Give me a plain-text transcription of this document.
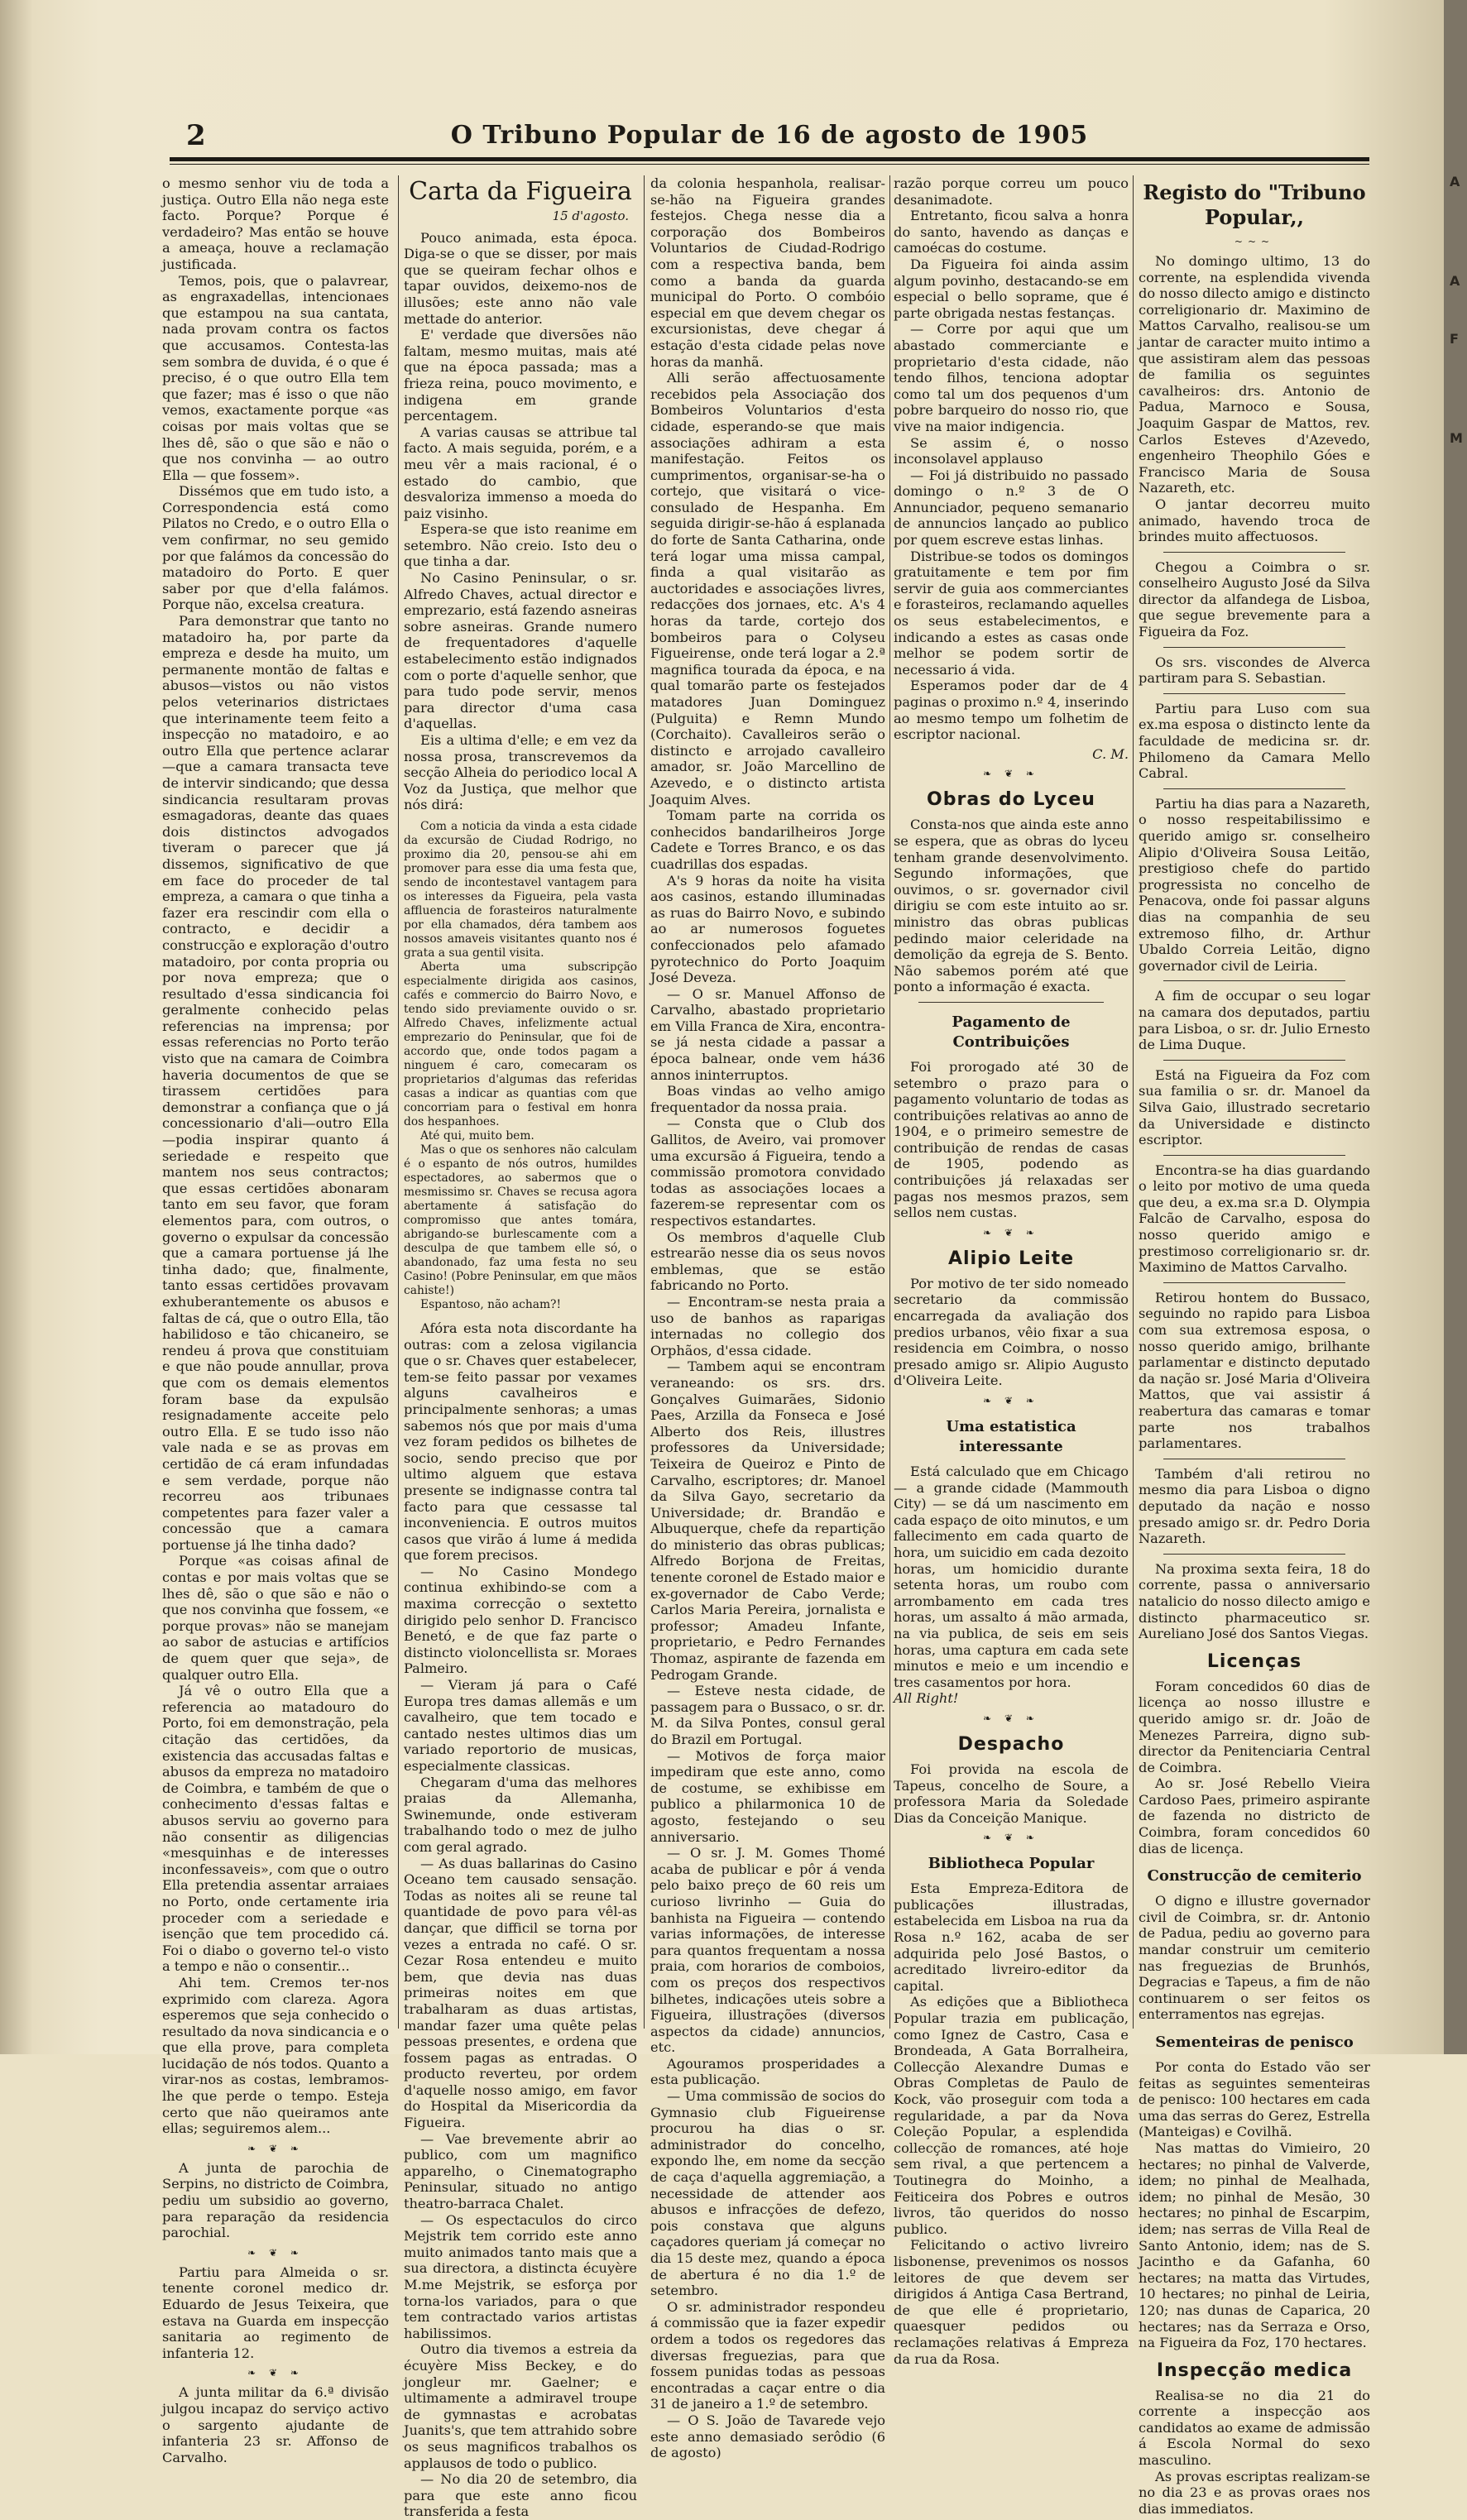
2	O Tribuno Popular de 16 de agosto de 1905

o mesmo senhor viu de toda a justiça. Outro Ella não nega este facto. Porque? Porque é verdadeiro? Mas então se houve a ameaça, houve a reclamação justificada.

Temos, pois, que o palavrear, as engraxadellas, intencionaes que estampou na sua cantata, nada provam contra os factos que accusamos. Contesta-las sem sombra de duvida, é o que é preciso, é o que outro Ella tem que fazer; mas é isso o que não vemos, exactamente porque «as coisas por mais voltas que se lhes dê, são o que são e não o que nos convinha — ao outro Ella — que fossem».

Dissémos que em tudo isto, a Correspondencia está como Pilatos no Credo, e o outro Ella o vem confirmar, no seu gemido por que falámos da concessão do matadoiro do Porto. E quer saber por que d'ella falámos. Porque não, excelsa creatura.

Para demonstrar que tanto no matadoiro ha, por parte da empreza e desde ha muito, um permanente montão de faltas e abusos—vistos ou não vistos pelos veterinarios districtaes que interinamente teem feito a inspecção no matadoiro, e ao outro Ella que pertence aclarar—que a camara transacta teve de intervir sindicando; que dessa sindicancia resultaram provas esmagadoras, deante das quaes dois distinctos advogados tiveram o parecer que já dissemos, significativo de que em face do proceder de tal empreza, a camara o que tinha a fazer era rescindir com ella o contracto, e decidir a construcção e exploração d'outro matadoiro, por conta propria ou por nova empreza; que o resultado d'essa sindicancia foi geralmente conhecido pelas referencias na imprensa; por essas referencias no Porto terão visto que na camara de Coimbra haveria documentos de que se tirassem certidões para demonstrar a confiança que o já concessionario d'ali—outro Ella—podia inspirar quanto á seriedade e respeito que mantem nos seus contractos; que essas certidões abonaram tanto em seu favor, que foram elementos para, com outros, o governo o expulsar da concessão que a camara portuense já lhe tinha dado; que, finalmente, tanto essas certidões provavam exhuberantemente os abusos e faltas de cá, que o outro Ella, tão habilidoso e tão chicaneiro, se rendeu á prova que constituiam e que não poude annullar, prova que com os demais elementos foram base da expulsão resignadamente acceite pelo outro Ella. E se tudo isso não vale nada e se as provas em certidão de cá eram infundadas e sem verdade, porque não recorreu aos tribunaes competentes para fazer valer a concessão que a camara portuense já lhe tinha dado?

Porque «as coisas afinal de contas e por mais voltas que se lhes dê, são o que são e não o que nos convinha que fossem, «e porque provas» não se manejam ao sabor de astucias e artifícios de quem quer que seja», de qualquer outro Ella.

Já vê o outro Ella que a referencia ao matadouro do Porto, foi em demonstração, pela citação das certidões, da existencia das accusadas faltas e abusos da empreza no matadoiro de Coimbra, e também de que o conhecimento d'essas faltas e abusos serviu ao governo para não consentir as diligencias «mesquinhas e de interesses inconfessaveis», com que o outro Ella pretendia assentar arraiaes no Porto, onde certamente iria proceder com a seriedade e isenção que tem procedido cá. Foi o diabo o governo tel-o visto a tempo e não o consentir...

Ahi tem. Cremos ter-nos exprimido com clareza. Agora esperemos que seja conhecido o resultado da nova sindicancia e o que ella prove, para completa lucidação de nós todos. Quanto a virar-nos as costas, lembramos-lhe que perde o tempo. Esteja certo que não queiramos ante ellas; seguiremos alem...

❧ ❦ ❧

A junta de parochia de Serpins, no districto de Coimbra, pediu um subsidio ao governo, para reparação da residencia parochial.

❧ ❦ ❧

Partiu para Almeida o sr. tenente coronel medico dr. Eduardo de Jesus Teixeira, que estava na Guarda em inspecção sanitaria ao regimento de infanteria 12.

❧ ❦ ❧

A junta militar da 6.ª divisão julgou incapaz do serviço activo o sargento ajudante de infanteria 23 sr. Affonso de Carvalho.

Carta da Figueira
15 d'agosto.

Pouco animada, esta época. Diga-se o que se disser, por mais que se queiram fechar olhos e tapar ouvidos, deixemo-nos de illusões; este anno não vale mettade do anterior.

E' verdade que diversões não faltam, mesmo muitas, mais até que na época passada; mas a frieza reina, pouco movimento, e indigena em grande percentagem.

A varias causas se attribue tal facto. A mais seguida, porém, e a meu vêr a mais racional, é o estado do cambio, que desvaloriza immenso a moeda do paiz visinho.

Espera-se que isto reanime em setembro. Não creio. Isto deu o que tinha a dar.

No Casino Peninsular, o sr. Alfredo Chaves, actual director e emprezario, está fazendo asneiras sobre asneiras. Grande numero de frequentadores d'aquelle estabelecimento estão indignados com o porte d'aquelle senhor, que para tudo pode servir, menos para director d'uma casa d'aquellas.

Eis a ultima d'elle; e em vez da nossa prosa, transcrevemos da secção Alheia do periodico local A Voz da Justiça, que melhor que nós dirá:

Com a noticia da vinda a esta cidade da excursão de Ciudad Rodrigo, no proximo dia 20, pensou-se ahi em promover para esse dia uma festa que, sendo de incontestavel vantagem para os interesses da Figueira, pela vasta affluencia de forasteiros naturalmente por ella chamados, déra tambem aos nossos amaveis visitantes quanto nos é grata a sua gentil visita.

Aberta uma subscripção especialmente dirigida aos casinos, cafés e commercio do Bairro Novo, e tendo sido previamente ouvido o sr. Alfredo Chaves, infelizmente actual emprezario do Peninsular, que foi de accordo que, onde todos pagam a ninguem é caro, comecaram os proprietarios d'algumas das referidas casas a indicar as quantias com que concorriam para o festival em honra dos hespanhoes.

Até qui, muito bem.

Mas o que os senhores não calculam é o espanto de nós outros, humildes espectadores, ao sabermos que o mesmissimo sr. Chaves se recusa agora abertamente á satisfação do compromisso que antes tomára, abrigando-se burlescamente com a desculpa de que tambem elle só, o abandonado, faz uma festa no seu Casino! (Pobre Peninsular, em que mãos cahiste!)

Espantoso, não acham?!

Afóra esta nota discordante ha outras: com a zelosa vigilancia que o sr. Chaves quer estabelecer, tem-se feito passar por vexames alguns cavalheiros e principalmente senhoras; a umas sabemos nós que por mais d'uma vez foram pedidos os bilhetes de socio, sendo preciso que por ultimo alguem que estava presente se indignasse contra tal facto para que cessasse tal inconveniencia. E outros muitos casos que virão á lume á medida que forem precisos.

— No Casino Mondego continua exhibindo-se com a maxima correcção o sextetto dirigido pelo senhor D. Francisco Benetó, e de que faz parte o distincto violoncellista sr. Moraes Palmeiro.

— Vieram já para o Café Europa tres damas allemãs e um cavalheiro, que tem tocado e cantado nestes ultimos dias um variado reportorio de musicas, especialmente classicas.

Chegaram d'uma das melhores praias da Allemanha, Swinemunde, onde estiveram trabalhando todo o mez de julho com geral agrado.

— As duas ballarinas do Casino Oceano tem causado sensação. Todas as noites ali se reune tal quantidade de povo para vêl-as dançar, que difficil se torna por vezes a entrada no café. O sr. Cezar Rosa entendeu e muito bem, que devia nas duas primeiras noites em que trabalharam as duas artistas, mandar fazer uma quête pelas pessoas presentes, e ordena que fossem pagas as entradas. O producto reverteu, por ordem d'aquelle nosso amigo, em favor do Hospital da Misericordia da Figueira.

— Vae brevemente abrir ao publico, com um magnifico apparelho, o Cinematographo Peninsular, situado no antigo theatro-barraca Chalet.

— Os espectaculos do circo Mejstrik tem corrido este anno muito animados tanto mais que a sua directora, a distincta écuyère M.me Mejstrik, se esforça por torna-los variados, para o que tem contractado varios artistas habilissimos.

Outro dia tivemos a estreia da écuyère Miss Beckey, e do jongleur mr. Gaelner; e ultimamente a admiravel troupe de gymnastas e acrobatas Juanits's, que tem attrahido sobre os seus magnificos trabalhos os applausos de todo o publico.

— No dia 20 de setembro, dia para que este anno ficou transferida a festa

da colonia hespanhola, realisar-se-hão na Figueira grandes festejos. Chega nesse dia a corporação dos Bombeiros Voluntarios de Ciudad-Rodrigo com a respectiva banda, bem como a banda da guarda municipal do Porto. O combóio especial em que devem chegar os excursionistas, deve chegar á estação d'esta cidade pelas nove horas da manhã.

Alli serão affectuosamente recebidos pela Associação dos Bombeiros Voluntarios d'esta cidade, esperando-se que mais associações adhiram a esta manifestação. Feitos os cumprimentos, organisar-se-ha o cortejo, que visitará o vice-consulado de Hespanha. Em seguida dirigir-se-hão á esplanada do forte de Santa Catharina, onde terá logar uma missa campal, finda a qual visitarão as auctoridades e associações livres, redacções dos jornaes, etc. A's 4 horas da tarde, cortejo dos bombeiros para o Colyseu Figueirense, onde terá logar a 2.ª magnifica tourada da época, e na qual tomarão parte os festejados matadores Juan Dominguez (Pulguita) e Remn Mundo (Corchaito). Cavalleiros serão o distincto e arrojado cavalleiro amador, sr. João Marcellino de Azevedo, e o distincto artista Joaquim Alves.

Tomam parte na corrida os conhecidos bandarilheiros Jorge Cadete e Torres Branco, e os das cuadrillas dos espadas.

A's 9 horas da noite ha visita aos casinos, estando illuminadas as ruas do Bairro Novo, e subindo ao ar numerosos foguetes confeccionados pelo afamado pyrotechnico do Porto Joaquim José Deveza.

— O sr. Manuel Affonso de Carvalho, abastado proprietario em Villa Franca de Xira, encontra-se já nesta cidade a passar a época balnear, onde vem há36 annos ininterruptos.

Boas vindas ao velho amigo frequentador da nossa praia.

— Consta que o Club dos Gallitos, de Aveiro, vai promover uma excursão á Figueira, tendo a commissão promotora convidado todas as associações locaes a fazerem-se representar com os respectivos estandartes.

Os membros d'aquelle Club estrearão nesse dia os seus novos emblemas, que se estão fabricando no Porto.

— Encontram-se nesta praia a uso de banhos as raparigas internadas no collegio dos Orphãos, d'essa cidade.

— Tambem aqui se encontram veraneando: os srs. drs. Gonçalves Guimarães, Sidonio Paes, Arzilla da Fonseca e José Alberto dos Reis, illustres professores da Universidade; Teixeira de Queiroz e Pinto de Carvalho, escriptores; dr. Manoel da Silva Gayo, secretario da Universidade; dr. Brandão e Albuquerque, chefe da repartição do ministerio das obras publicas; Alfredo Borjona de Freitas, tenente coronel de Estado maior e ex-governador de Cabo Verde; Carlos Maria Pereira, jornalista e professor; Amadeu Infante, proprietario, e Pedro Fernandes Thomaz, aspirante de fazenda em Pedrogam Grande.

— Esteve nesta cidade, de passagem para o Bussaco, o sr. dr. M. da Silva Pontes, consul geral do Brazil em Portugal.

— Motivos de força maior impediram que este anno, como de costume, se exhibisse em publico a philarmonica 10 de agosto, festejando o seu anniversario.

— O sr. J. M. Gomes Thomé acaba de publicar e pôr á venda pelo baixo preço de 60 reis um curioso livrinho — Guia do banhista na Figueira — contendo varias informações, de interesse para quantos frequentam a nossa praia, com horarios de comboios, com os preços dos respectivos bilhetes, indicações uteis sobre a Figueira, illustrações (diversos aspectos da cidade) annuncios, etc.

Agouramos prosperidades a esta publicação.

— Uma commissão de socios do Gymnasio club Figueirense procurou ha dias o sr. administrador do concelho, expondo lhe, em nome da secção de caça d'aquella aggremiação, a necessidade de attender aos abusos e infracções de defezo, pois constava que alguns caçadores queriam já começar no dia 15 deste mez, quando a época de abertura é no dia 1.º de setembro.

O sr. administrador respondeu á commissão que ia fazer expedir ordem a todos os regedores das diversas freguezias, para que fossem punidas todas as pessoas encontradas a caçar entre o dia 31 de janeiro a 1.º de setembro.

— O S. João de Tavarede vejo este anno demasiado serôdio (6 de agosto)

razão porque correu um pouco desanimadote.

Entretanto, ficou salva a honra do santo, havendo as danças e camoécas do costume.

Da Figueira foi ainda assim algum povinho, destacando-se em especial o bello soprame, que é parte obrigada nestas festanças.

— Corre por aqui que um abastado commerciante e proprietario d'esta cidade, não tendo filhos, tenciona adoptar como tal um dos pequenos d'um pobre barqueiro do nosso rio, que vive na maior indigencia.

Se assim é, o nosso inconsolavel applauso

— Foi já distribuido no passado domingo o n.º 3 de O Annunciador, pequeno semanario de annuncios lançado ao publico por quem escreve estas linhas.

Distribue-se todos os domingos gratuitamente e tem por fim servir de guia aos commerciantes e forasteiros, reclamando aquelles os seus estabelecimentos, e indicando a estes as casas onde melhor se podem sortir de necessario á vida.

Esperamos poder dar de 4 paginas o proximo n.º 4, inserindo ao mesmo tempo um folhetim de escriptor nacional.

C. M.
❧ ❦ ❧
Obras do Lyceu

Consta-nos que ainda este anno se espera, que as obras do lyceu tenham grande desenvolvimento. Segundo informações, que ouvimos, o sr. governador civil dirigiu se com este intuito ao sr. ministro das obras publicas pedindo maior celeridade na demolição da egreja de S. Bento. Não sabemos porém até que ponto a informação é exacta.

Pagamento de Contribuições

Foi prorogado até 30 de setembro o prazo para o pagamento voluntario de todas as contribuições relativas ao anno de 1904, e o primeiro semestre de contribuição de rendas de casas de 1905, podendo as contribuições já relaxadas ser pagas nos mesmos prazos, sem sellos nem custas.

❧ ❦ ❧
Alipio Leite

Por motivo de ter sido nomeado secretario da commissão encarregada da avaliação dos predios urbanos, vêio fixar a sua residencia em Coimbra, o nosso presado amigo sr. Alipio Augusto d'Oliveira Leite.

❧ ❦ ❧
Uma estatistica interessante

Está calculado que em Chicago — a grande cidade (Mammouth City) — se dá um nascimento em cada espaço de oito minutos, e um fallecimento em cada quarto de hora, um suicidio em cada dezoito horas, um homicidio durante setenta horas, um roubo com arrombamento em cada tres horas, um assalto á mão armada, na via publica, de seis em seis horas, uma captura em cada sete minutos e meio e um incendio e tres casamentos por hora.

All Right!

❧ ❦ ❧
Despacho

Foi provida na escola de Tapeus, concelho de Soure, a professora Maria da Soledade Dias da Conceição Manique.

❧ ❦ ❧
Bibliotheca Popular

Esta Empreza-Editora de publicações illustradas, estabelecida em Lisboa na rua da Rosa n.º 162, acaba de ser adquirida pelo José Bastos, o acreditado livreiro-editor da capital.

As edições que a Bibliotheca Popular trazia em publicação, como Ignez de Castro, Casa e Brondeada, A Gata Borralheira, Collecção Alexandre Dumas e Obras Completas de Paulo de Kock, vão proseguir com toda a regularidade, a par da Nova Coleção Popular, a esplendida collecção de romances, até hoje sem rival, a que pertencem a Toutinegra do Moinho, a Feiticeira dos Pobres e outros livros, tão queridos do nosso publico.

Felicitando o activo livreiro lisbonense, prevenimos os nossos leitores de que devem ser dirigidos á Antiga Casa Bertrand, de que elle é proprietario, quaesquer pedidos ou reclamações relativas á Empreza da rua da Rosa.

Registo do "Tribuno Popular,,
~~~

No domingo ultimo, 13 do corrente, na esplendida vivenda do nosso dilecto amigo e distincto correligionario dr. Maximino de Mattos Carvalho, realisou-se um jantar de caracter muito intimo a que assistiram alem das pessoas de familia os seguintes cavalheiros: drs. Antonio de Padua, Marnoco e Sousa, Joaquim Gaspar de Mattos, rev. Carlos Esteves d'Azevedo, engenheiro Theophilo Góes e Francisco Maria de Sousa Nazareth, etc.

O jantar decorreu muito animado, havendo troca de brindes muito affectuosos.

Chegou a Coimbra o sr. conselheiro Augusto José da Silva director da alfandega de Lisboa, que segue brevemente para a Figueira da Foz.

Os srs. viscondes de Alverca partiram para S. Sebastian.

Partiu para Luso com sua ex.ma esposa o distincto lente da faculdade de medicina sr. dr. Philomeno da Camara Mello Cabral.

Partiu ha dias para a Nazareth, o nosso respeitabilissimo e querido amigo sr. conselheiro Alipio d'Oliveira Sousa Leitão, prestigioso chefe do partido progressista no concelho de Penacova, onde foi passar alguns dias na companhia de seu extremoso filho, dr. Arthur Ubaldo Correia Leitão, digno governador civil de Leiria.

A fim de occupar o seu logar na camara dos deputados, partiu para Lisboa, o sr. dr. Julio Ernesto de Lima Duque.

Está na Figueira da Foz com sua familia o sr. dr. Manoel da Silva Gaio, illustrado secretario da Universidade e distincto escriptor.

Encontra-se ha dias guardando o leito por motivo de uma queda que deu, a ex.ma sr.a D. Olympia Falcão de Carvalho, esposa do nosso querido amigo e prestimoso correligionario sr. dr. Maximino de Mattos Carvalho.

Retirou hontem do Bussaco, seguindo no rapido para Lisboa com sua extremosa esposa, o nosso querido amigo, brilhante parlamentar e distincto deputado da nação sr. José Maria d'Oliveira Mattos, que vai assistir á reabertura das camaras e tomar parte nos trabalhos parlamentares.

Também d'ali retirou no mesmo dia para Lisboa o digno deputado da nação e nosso presado amigo sr. dr. Pedro Doria Nazareth.

Na proxima sexta feira, 18 do corrente, passa o anniversario natalicio do nosso dilecto amigo e distincto pharmaceutico sr. Aureliano José dos Santos Viegas.

Licenças

Foram concedidos 60 dias de licença ao nosso illustre e querido amigo sr. dr. João de Menezes Parreira, digno sub-director da Penitenciaria Central de Coimbra.

Ao sr. José Rebello Vieira Cardoso Paes, primeiro aspirante de fazenda no districto de Coimbra, foram concedidos 60 dias de licença.

Construcção de cemiterio

O digno e illustre governador civil de Coimbra, sr. dr. Antonio de Padua, pediu ao governo para mandar construir um cemiterio nas freguezias de Brunhós, Degracias e Tapeus, a fim de não continuarem o ser feitos os enterramentos nas egrejas.

Sementeiras de penisco

Por conta do Estado vão ser feitas as seguintes sementeiras de penisco: 100 hectares em cada uma das serras do Gerez, Estrella (Manteigas) e Covilhã.

Nas mattas do Vimieiro, 20 hectares; no pinhal de Valverde, idem; no pinhal de Mealhada, idem; no pinhal de Mesão, 30 hectares; no pinhal de Escarpim, idem; nas serras de Villa Real de Santo Antonio, idem; nas de S. Jacintho e da Gafanha, 60 hectares; na matta das Virtudes, 10 hectares; no pinhal de Leiria, 120; nas dunas de Caparica, 20 hectares; nas da Serraza e Orso, na Figueira da Foz, 170 hectares.

Inspecção medica

Realisa-se no dia 21 do corrente a inspecção aos candidatos ao exame de admissão á Escola Normal do sexo masculino.

As provas escriptas realizam-se no dia 23 e as provas oraes nos dias immediatos.

A
A
F
M
